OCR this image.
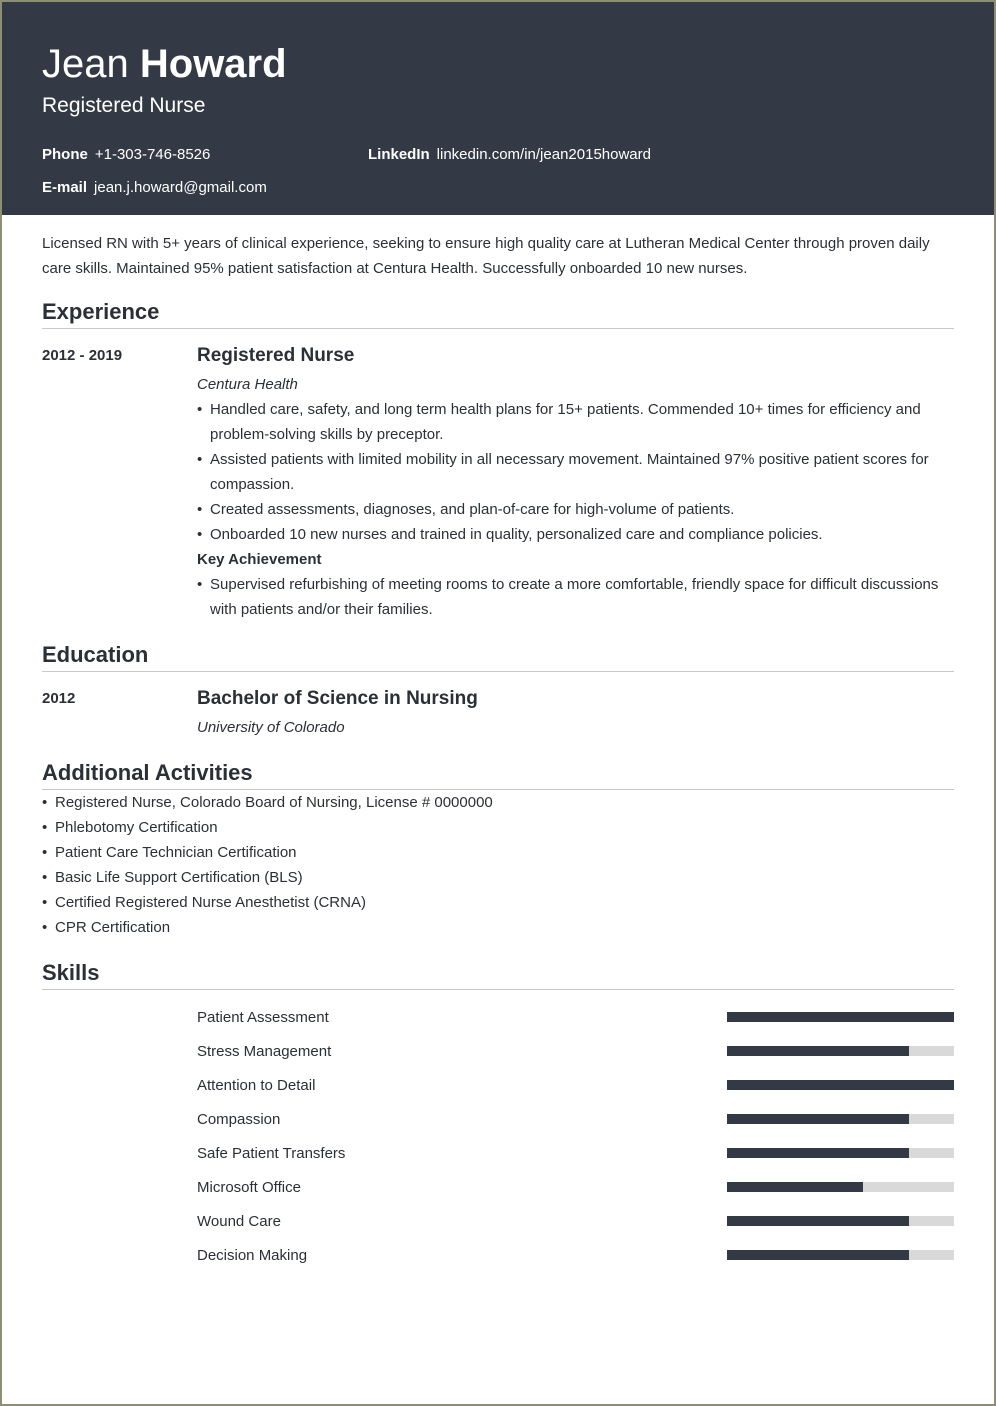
Jean Howard
Registered Nurse
Phone +1-303-746-8526	LinkedIn linkedin.com/in/jean2015howard
E-mail jean.j.howard@gmail.com

Licensed RN with 5+ years of clinical experience, seeking to ensure high quality care at Lutheran Medical Center through proven daily care skills. Maintained 95% patient satisfaction at Centura Health. Successfully onboarded 10 new nurses.

Experience
2012 - 2019	Registered Nurse
Centura Health
• Handled care, safety, and long term health plans for 15+ patients. Commended 10+ times for efficiency and problem-solving skills by preceptor.
• Assisted patients with limited mobility in all necessary movement. Maintained 97% positive patient scores for compassion.
• Created assessments, diagnoses, and plan-of-care for high-volume of patients.
• Onboarded 10 new nurses and trained in quality, personalized care and compliance policies.
Key Achievement
• Supervised refurbishing of meeting rooms to create a more comfortable, friendly space for difficult discussions with patients and/or their families.
Education
2012	Bachelor of Science in Nursing
University of Colorado
Additional Activities
• Registered Nurse, Colorado Board of Nursing, License # 0000000
• Phlebotomy Certification
• Patient Care Technician Certification
• Basic Life Support Certification (BLS)
• Certified Registered Nurse Anesthetist (CRNA)
• CPR Certification
Skills
Patient Assessment
Stress Management
Attention to Detail
Compassion
Safe Patient Transfers
Microsoft Office
Wound Care
Decision Making
